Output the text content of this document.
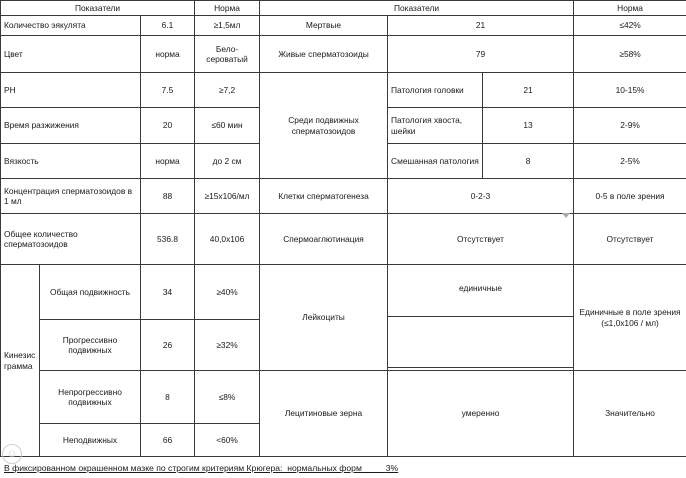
Показатели			Норма	Показатели			Норма
Количество эякулята		6.1	≥1,5мл	Мертвые	21		≤42%
Цвет		норма	Бело-сероватый	Живые сперматозоиды	79		≥58%
PH		7.5	≥7,2	Среди подвижных сперматозоидов	Патология головки	21	10-15%
Время разжижения		20	≤60 мин		Патология хвоста, шейки	13	2-9%
Вязкость		норма	до 2 см		Смешанная патология	8	2-5%
Концентрация сперматозоидов в 1 мл		88	≥15х106/мл	Клетки сперматогенеза	0-2-3		0-5 в поле зрения
Общее количество сперматозоидов		536.8	40,0х106	Спермоаглютинация	Отсутствует		Отсутствует
Кинезис грамма	Общая подвижность	34	≥40%	Лейкоциты	единичные		Единичные в поле зрения (≤1,0х106 / мл)
	Прогрессивно подвижных	26	≥32%				
	Непрогрессивно подвижных	8	≤8%	Лецитиновые зерна	умеренно		Значительно
	Неподвижных	66	<60%				
☺
В фиксированном окрашенном мазке по строгим критериям Крюгера:  нормальных форм	3%
